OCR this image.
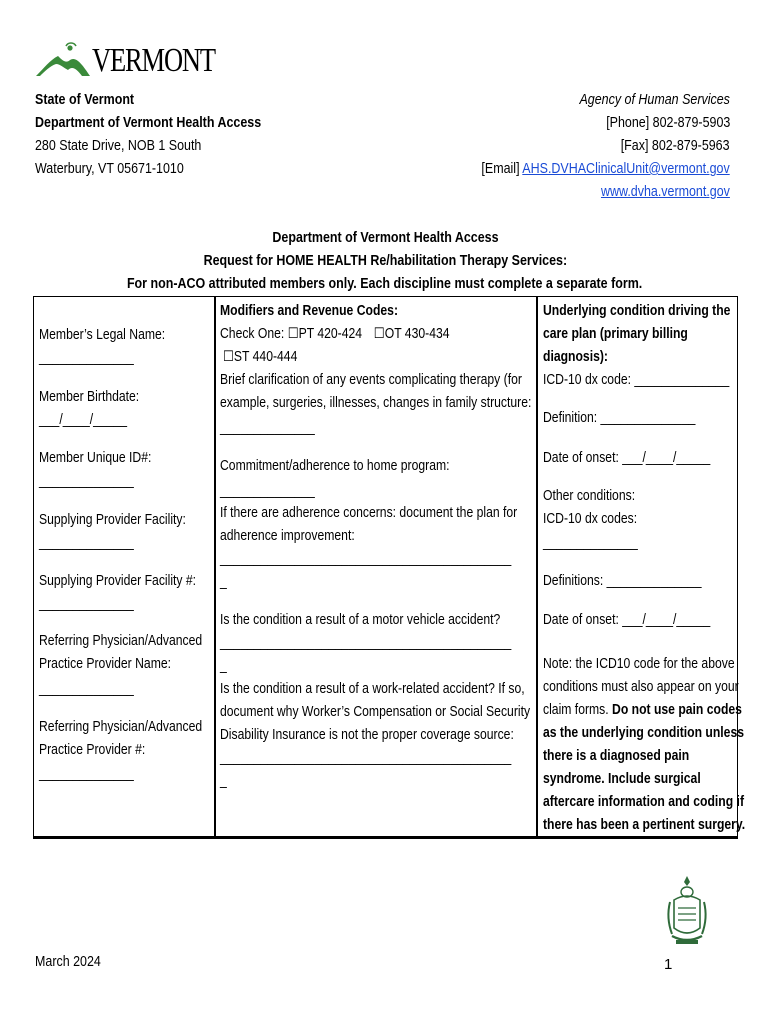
VERMONT
State of Vermont
Department of Vermont Health Access
280 State Drive, NOB 1 South
Waterbury, VT 05671-1010
Agency of Human Services
[Phone] 802-879-5903
[Fax] 802-879-5963
[Email] AHS.DVHAClinicalUnit@vermont.gov
www.dvha.vermont.gov
Department of Vermont Health Access
Request for HOME HEALTH Re/habilitation Therapy Services:
For non-ACO attributed members only. Each discipline must complete a separate form.
Member’s Legal Name:
______________
Member Birthdate:
___/____/_____
Member Unique ID#:
______________
Supplying Provider Facility:
______________
Supplying Provider Facility #:
______________
Referring Physician/Advanced
Practice Provider Name:
______________
Referring Physician/Advanced
Practice Provider #:
______________
Modifiers and Revenue Codes:
Check One: ☐PT 420-424 ☐OT 430-434
☐ST 440-444
Brief clarification of any events complicating therapy (for
example, surgeries, illnesses, changes in family structure:
______________
Commitment/adherence to home program:
______________
If there are adherence concerns: document the plan for
adherence improvement:
___________________________________________
_
Is the condition a result of a motor vehicle accident?
___________________________________________
_
Is the condition a result of a work-related accident? If so,
document why Worker’s Compensation or Social Security
Disability Insurance is not the proper coverage source:
___________________________________________
_
Underlying condition driving the
care plan (primary billing
diagnosis):
ICD-10 dx code: ______________
Definition: ______________
Date of onset: ___/____/_____
Other conditions:
ICD-10 dx codes:
______________
Definitions: ______________
Date of onset: ___/____/_____
Note: the ICD10 code for the above
conditions must also appear on your
claim forms. Do not use pain codes
as the underlying condition unless
there is a diagnosed pain
syndrome. Include surgical
aftercare information and coding if
there has been a pertinent surgery.
March 2024	1
